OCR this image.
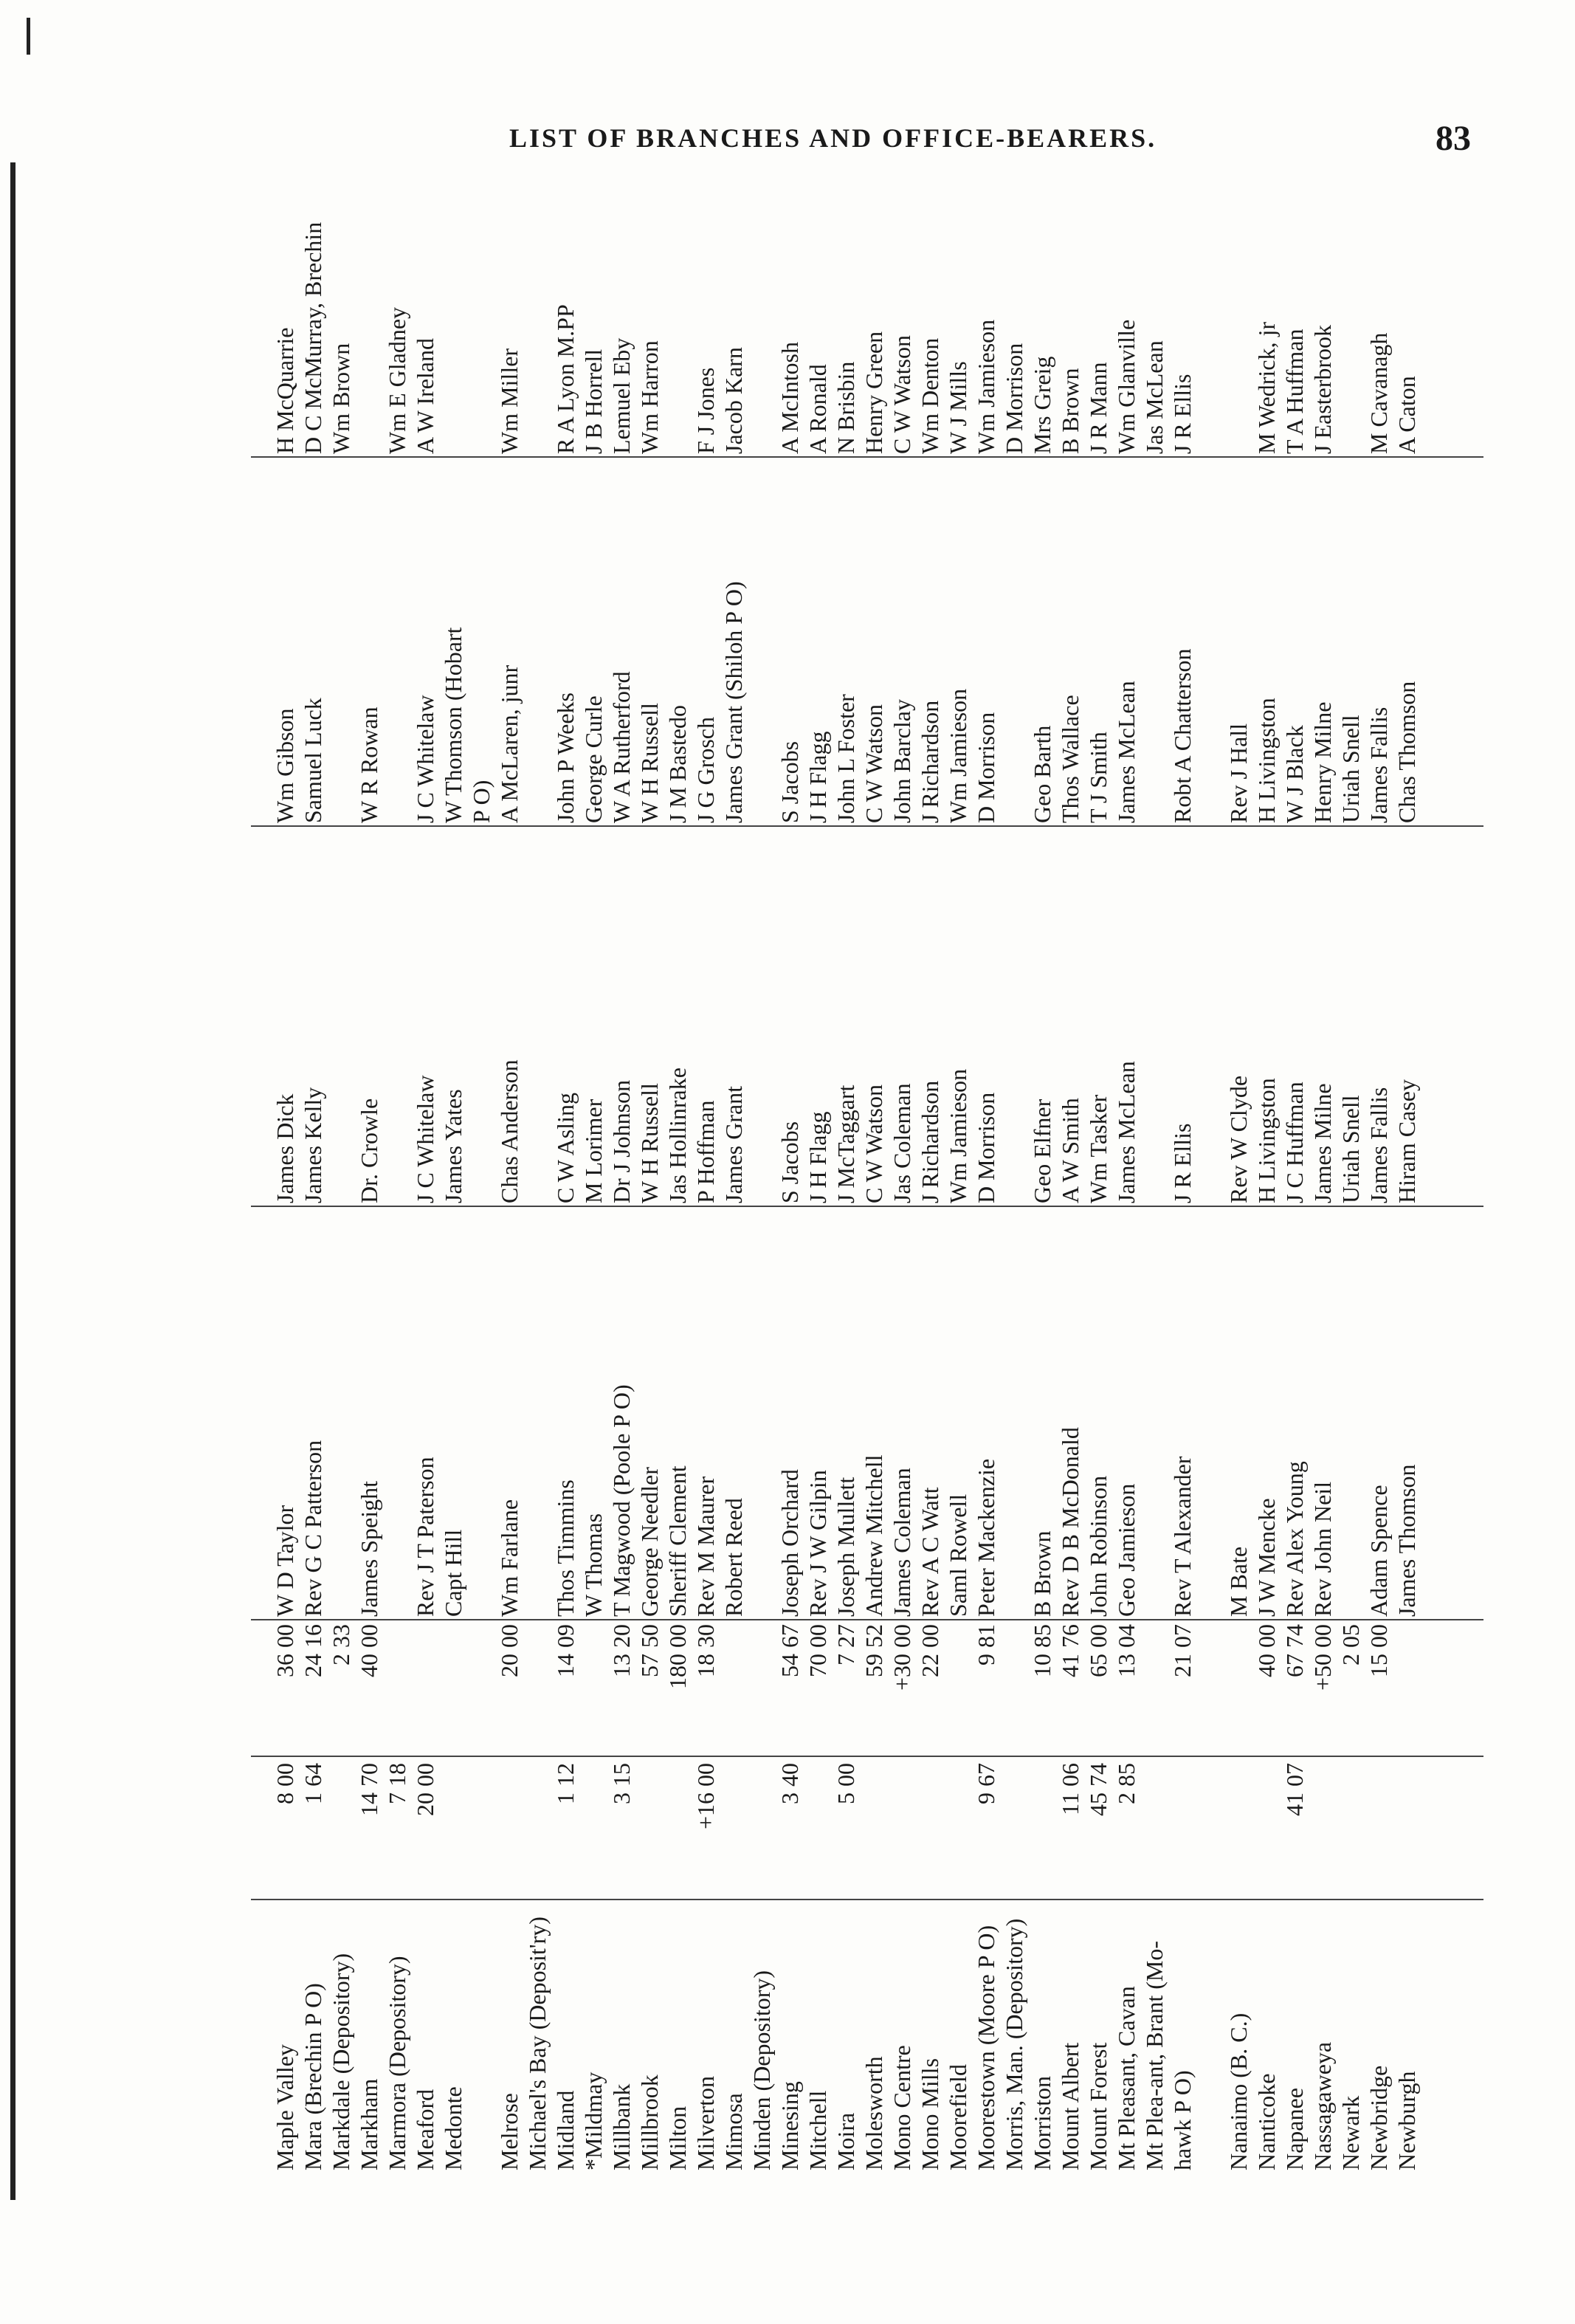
LIST OF BRANCHES AND OFFICE-BEARERS.	83
Maple Valley
8 00
36 00
W D Taylor
James Dick
Wm Gibson
H McQuarrie
Mara (Brechin P O)
1 64
24 16
Rev G C Patterson
James Kelly
Samuel Luck
D C McMurray, Brechin
Markdale (Depository)
2 33
Wm Brown
Markham
14 70
40 00
James Speight
Dr. Crowle
W R Rowan
Marmora (Depository)
7 18
Wm E Gladney
Meaford
20 00
Rev J T Paterson
J C Whitelaw
J C Whitelaw
A W Ireland
Medonte
Capt Hill
James Yates
W Thomson (Hobart P O)
Melrose
20 00
Wm Farlane
Chas Anderson
A McLaren, junr
Wm Miller
Michael's Bay (Deposit'ry) Midland
1 12
14 09
Thos Timmins
C W Asling
John P Weeks
R A Lyon M.PP
*Mildmay
W Thomas
M Lorimer
George Curle
J B Horrell
Millbank
3 15
13 20
T Magwood (Poole P O)
Dr J Johnson
W A Rutherford
Lemuel Eby
Millbrook
57 50
George Needler
W H Russell
W H Russell
Wm Harron
Milton
180 00
Sheriff Clement
Jas Hollinrake
J M Bastedo
Milverton
+16 00
18 30
Rev M Maurer
P Hoffman
J G Grosch
F J Jones
Mimosa
Robert Reed
James Grant
James Grant (Shiloh P O)
Jacob Karn
Minden (Depository) Minesing
3 40
54 67
Joseph Orchard
S Jacobs
S Jacobs
A McIntosh
Mitchell
70 00
Rev J W Gilpin
J H Flagg
J H Flagg
A Ronald
Moira
5 00
7 27
Joseph Mullett
J McTaggart
John L Foster
N Brisbin
Molesworth
59 52
Andrew Mitchell
C W Watson
C W Watson
Henry Green
Mono Centre
+30 00
James Coleman
Jas Coleman
John Barclay
C W Watson
Mono Mills
22 00
Rev A C Watt
J Richardson
J Richardson
Wm Denton
Moorefield
Saml Rowell
Wm Jamieson
Wm Jamieson
W J Mills
Moorestown (Moore P O)
9 67
9 81
Peter Mackenzie
D Morrison
D Morrison
Wm Jamieson
Morris, Man. (Depository)
D Morrison
Morriston
10 85
B Brown
Geo Elfner
Geo Barth
Mrs Greig
Mount Albert
11 06
41 76
Rev D B McDonald
A W Smith
Thos Wallace
B Brown
Mount Forest
45 74
65 00
John Robinson
Wm Tasker
T J Smith
J R Mann
Mt Pleasant, Cavan
2 85
13 04
Geo Jamieson
James McLean
James McLean
Wm Glanville
Mt Plea-ant, Brant (Mo-
Jas McLean
hawk P O)
21 07
Rev T Alexander
J R Ellis
Robt A Chatterson
J R Ellis
Nanaimo (B. C.)
M Bate
Rev W Clyde
Rev J Hall
Nanticoke
40 00
J W Mencke
H Livingston
H Livingston
M Wedrick, jr
Napanee
41 07
67 74
Rev Alex Young
J C Huffman
W J Black
T A Huffman
Nassagaweya
+50 00
Rev John Neil
James Milne
Henry Milne
J Easterbrook
Newark
2 05
Uriah Snell
Uriah Snell
Newbridge
15 00
Adam Spence
James Fallis
James Fallis
M Cavanagh
Newburgh
James Thomson
Hiram Casey
Chas Thomson
A Caton
